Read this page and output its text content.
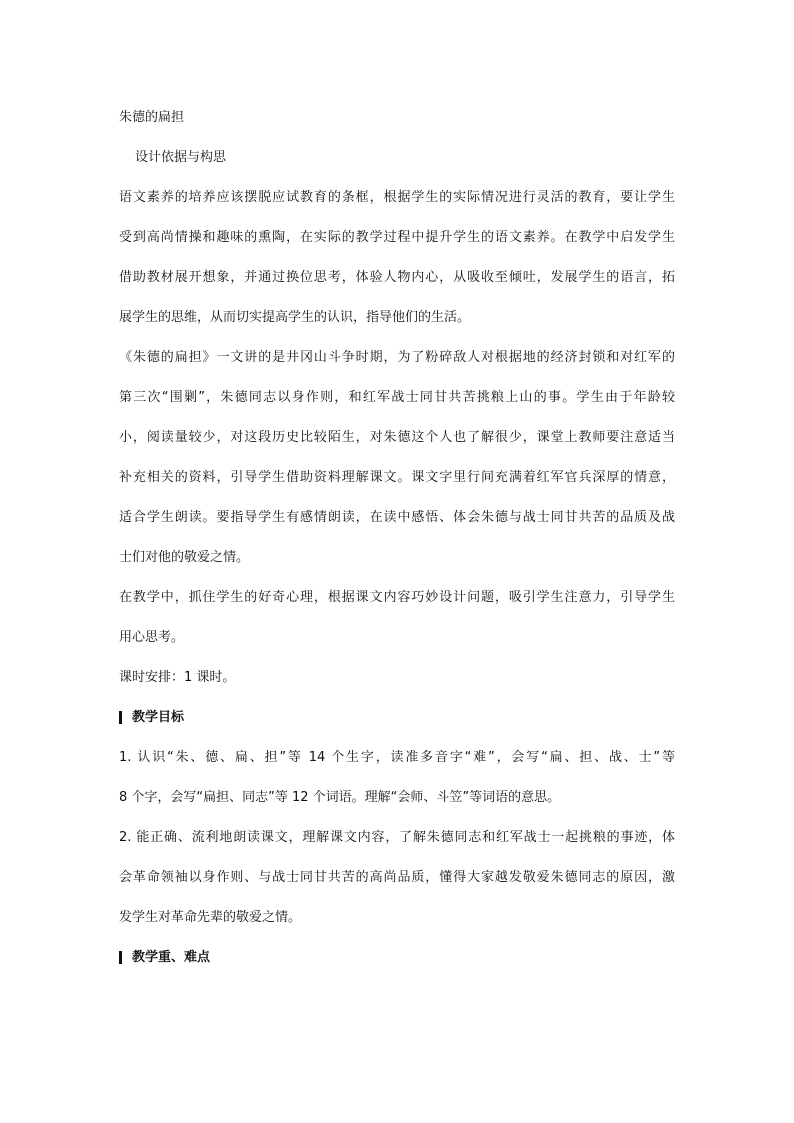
朱德的扁担
设计依据与构思
语文素养的培养应该摆脱应试教育的条框，根据学生的实际情况进行灵活的教育，要让学生
受到高尚情操和趣味的熏陶，在实际的教学过程中提升学生的语文素养。在教学中启发学生
借助教材展开想象，并通过换位思考，体验人物内心，从吸收至倾吐，发展学生的语言，拓
展学生的思维，从而切实提高学生的认识，指导他们的生活。
《朱德的扁担》一文讲的是井冈山斗争时期，为了粉碎敌人对根据地的经济封锁和对红军的
第三次“围剿”，朱德同志以身作则，和红军战士同甘共苦挑粮上山的事。学生由于年龄较
小，阅读量较少，对这段历史比较陌生，对朱德这个人也了解很少，课堂上教师要注意适当
补充相关的资料，引导学生借助资料理解课文。课文字里行间充满着红军官兵深厚的情意，
适合学生朗读。要指导学生有感情朗读，在读中感悟、体会朱德与战士同甘共苦的品质及战
士们对他的敬爱之情。
在教学中，抓住学生的好奇心理，根据课文内容巧妙设计问题，吸引学生注意力，引导学生
用心思考。
课时安排：1 课时。
教学目标
1. 认识“朱、德、扁、担”等 14 个生字，读准多音字“难”，会写“扁、担、战、士”等
8 个字，会写“扁担、同志”等 12 个词语。理解“会师、斗笠”等词语的意思。
2. 能正确、流利地朗读课文，理解课文内容，了解朱德同志和红军战士一起挑粮的事迹，体
会革命领袖以身作则、与战士同甘共苦的高尚品质，懂得大家越发敬爱朱德同志的原因，激
发学生对革命先辈的敬爱之情。
教学重、难点
